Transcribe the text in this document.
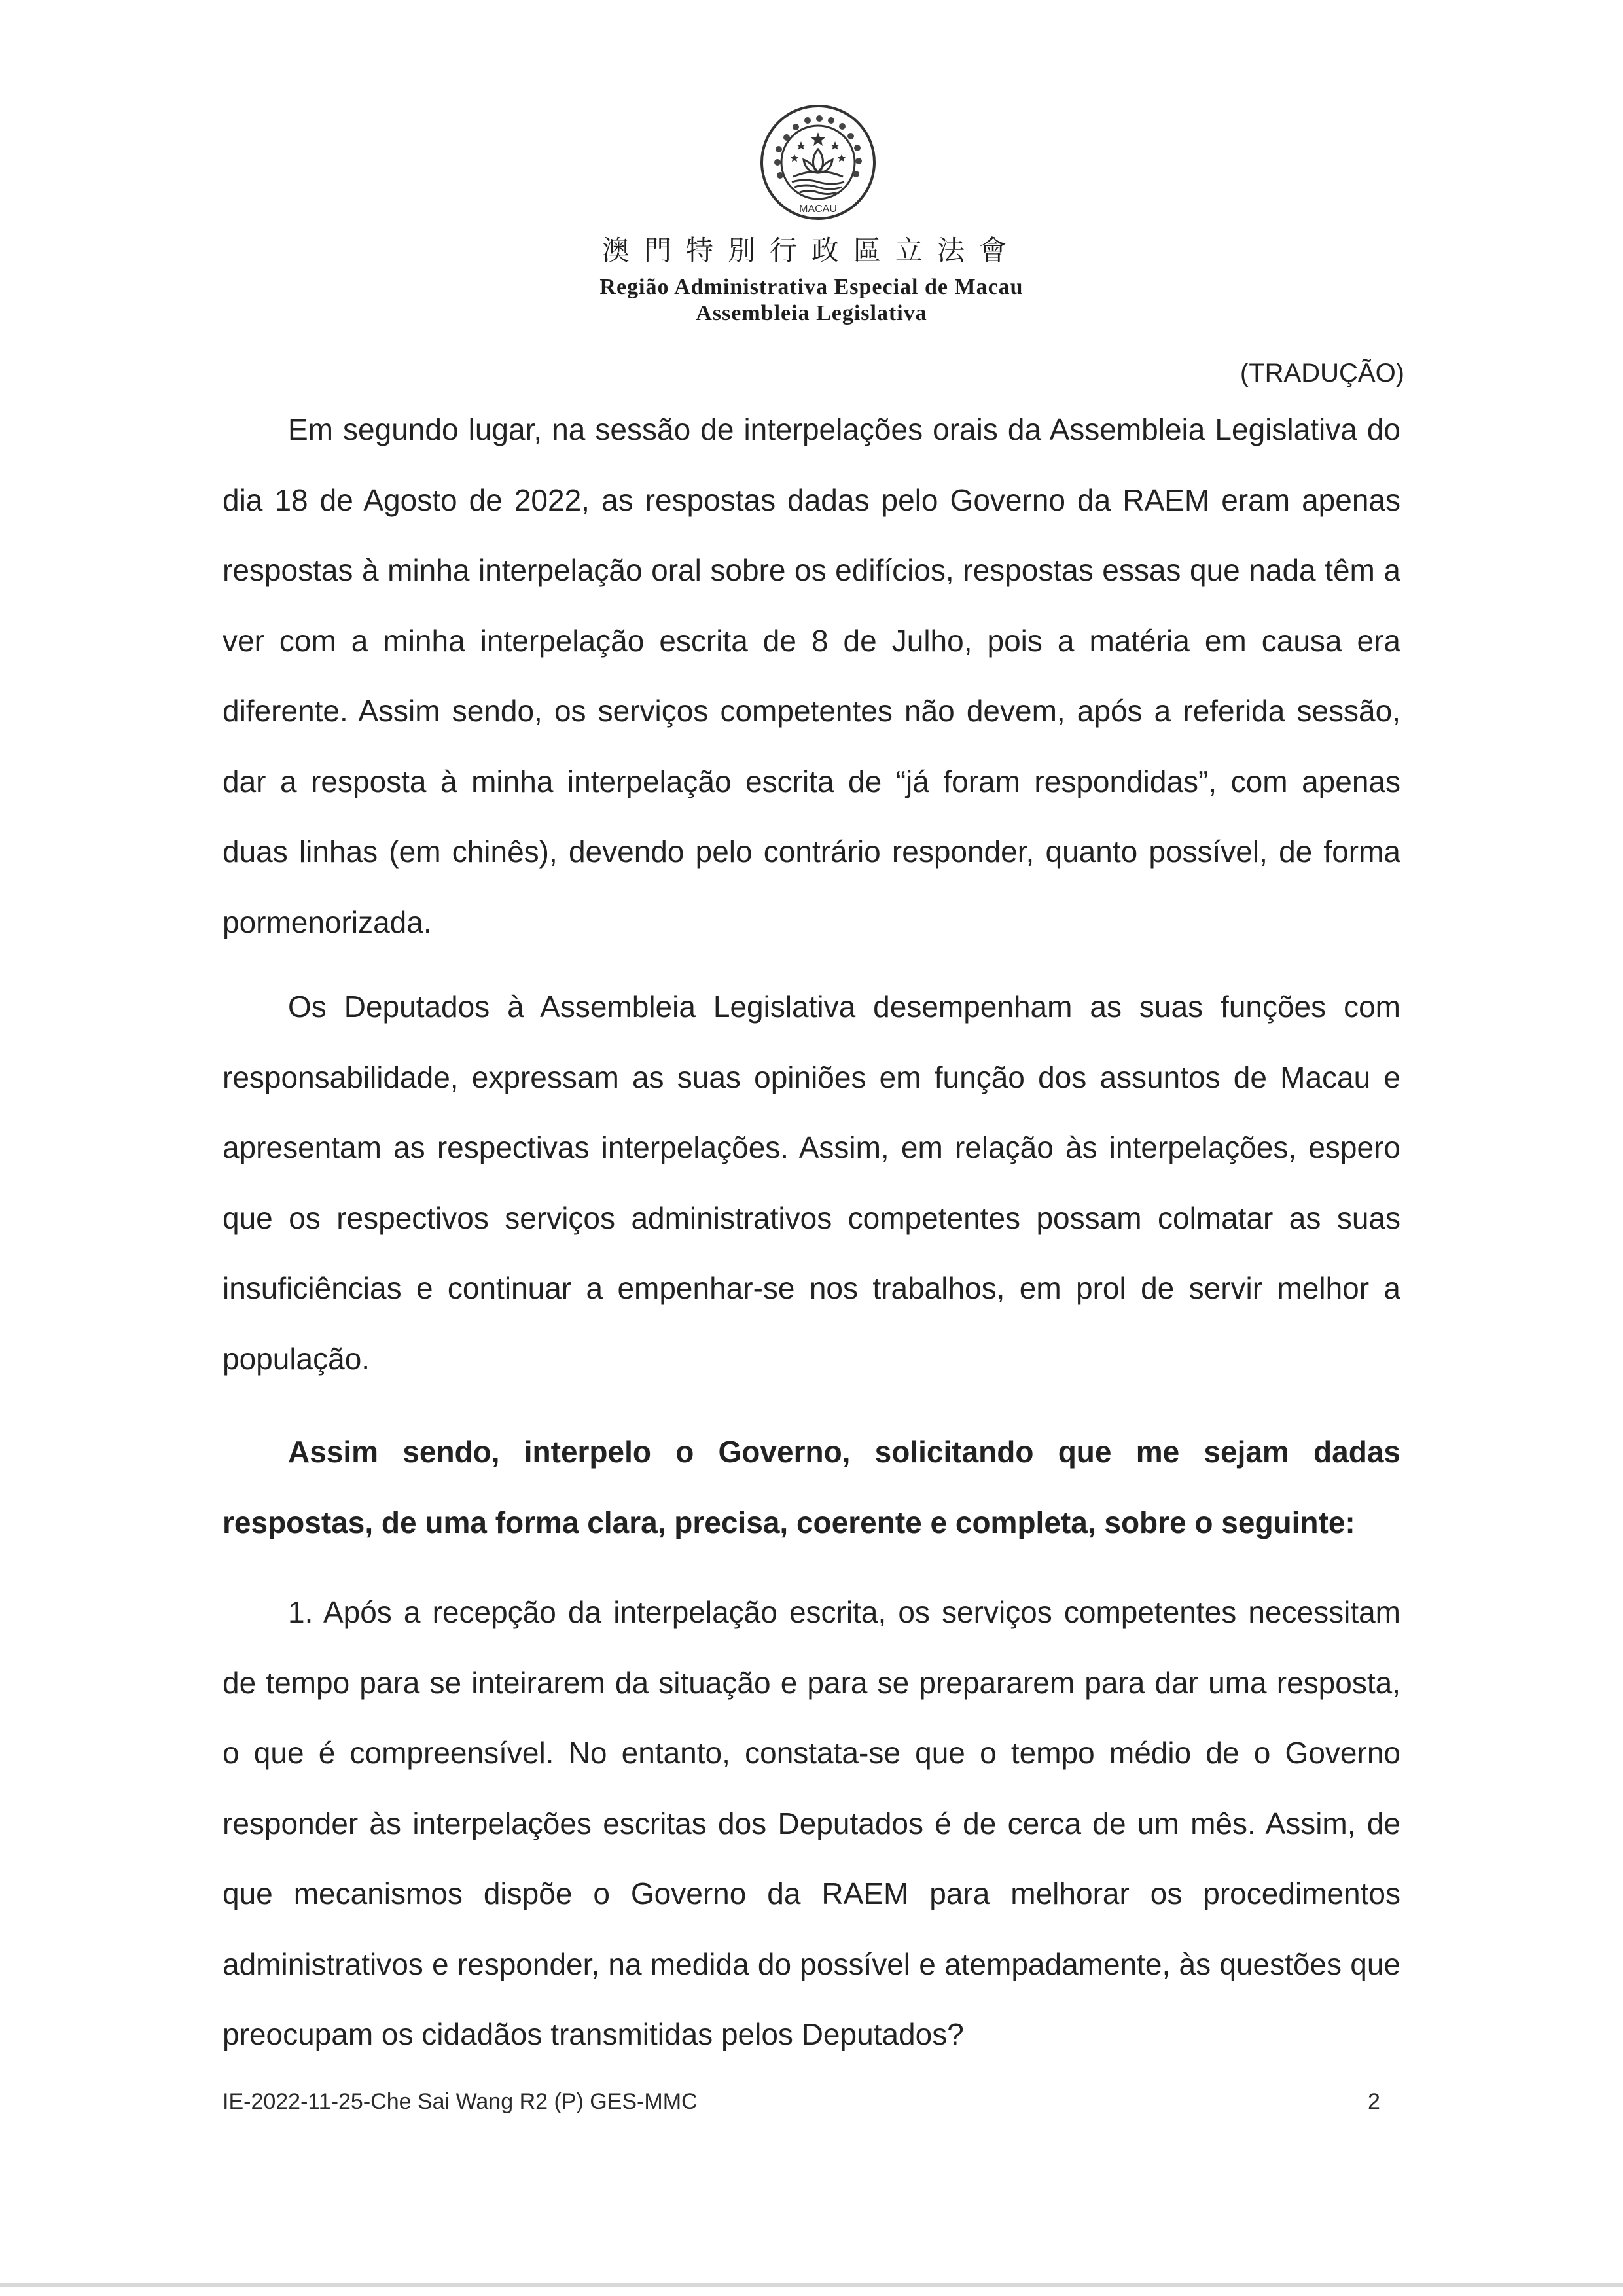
MACAU
澳門特別行政區立法會
Região Administrativa Especial de Macau
Assembleia Legislativa
(TRADUÇÃO)

Em segundo lugar, na sessão de interpelações orais da Assembleia Legislativa do dia 18 de Agosto de 2022, as respostas dadas pelo Governo da RAEM eram apenas respostas à minha interpelação oral sobre os edifícios, respostas essas que nada têm a ver com a minha interpelação escrita de 8 de Julho, pois a matéria em causa era diferente. Assim sendo, os serviços competentes não devem, após a referida sessão, dar a resposta à minha interpelação escrita de “já foram respondidas”, com apenas duas linhas (em chinês), devendo pelo contrário responder, quanto possível, de forma pormenorizada.

Os Deputados à Assembleia Legislativa desempenham as suas funções com responsabilidade, expressam as suas opiniões em função dos assuntos de Macau e apresentam as respectivas interpelações. Assim, em relação às interpelações, espero que os respectivos serviços administrativos competentes possam colmatar as suas insuficiências e continuar a empenhar-se nos trabalhos, em prol de servir melhor a população.

Assim sendo, interpelo o Governo, solicitando que me sejam dadas respostas, de uma forma clara, precisa, coerente e completa, sobre o seguinte:

1. Após a recepção da interpelação escrita, os serviços competentes necessitam de tempo para se inteirarem da situação e para se prepararem para dar uma resposta, o que é compreensível. No entanto, constata-se que o tempo médio de o Governo responder às interpelações escritas dos Deputados é de cerca de um mês. Assim, de que mecanismos dispõe o Governo da RAEM para melhorar os procedimentos administrativos e responder, na medida do possível e atempadamente, às questões que preocupam os cidadãos transmitidas pelos Deputados?

IE-2022-11-25-Che Sai Wang R2 (P) GES-MMC	2
